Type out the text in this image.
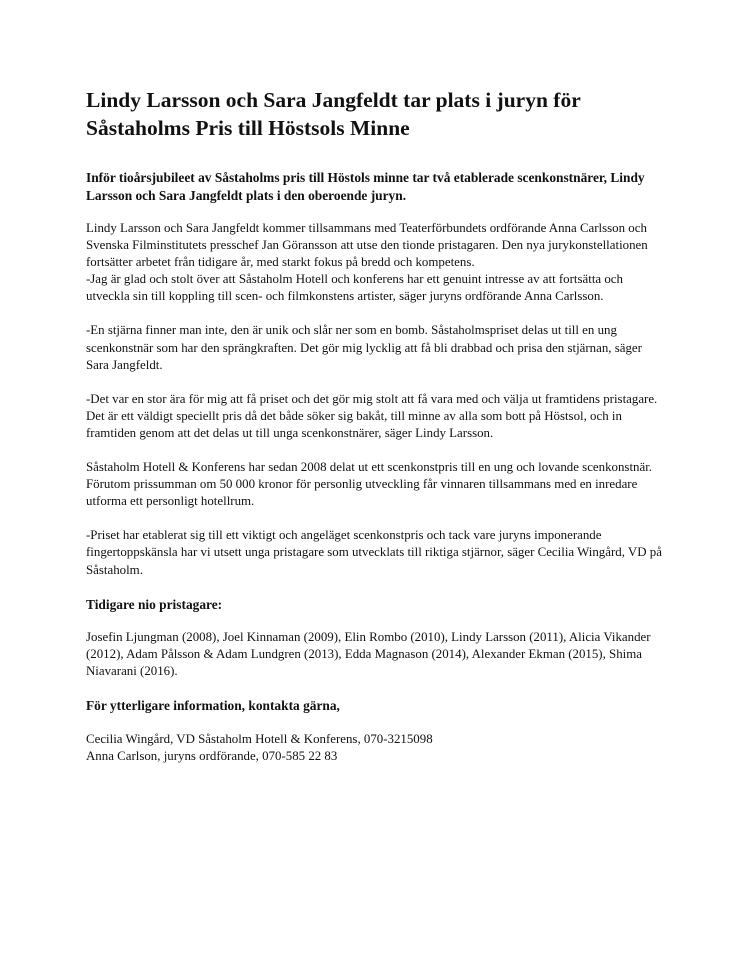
Lindy Larsson och Sara Jangfeldt tar plats i juryn för Såstaholms Pris till Höstsols Minne

Inför tioårsjubileet av Såstaholms pris till Höstols minne tar två etablerade scenkonstnärer, Lindy Larsson och Sara Jangfeldt plats i den oberoende juryn.

Lindy Larsson och Sara Jangfeldt kommer tillsammans med Teaterförbundets ordförande Anna Carlsson och Svenska Filminstitutets presschef Jan Göransson att utse den tionde pristagaren. Den nya jurykonstellationen fortsätter arbetet från tidigare år, med starkt fokus på bredd och kompetens.
-Jag är glad och stolt över att Såstaholm Hotell och konferens har ett genuint intresse av att fortsätta och utveckla sin till koppling till scen- och filmkonstens artister, säger juryns ordförande Anna Carlsson.

-En stjärna finner man inte, den är unik och slår ner som en bomb. Såstaholmspriset delas ut till en ung scenkonstnär som har den sprängkraften. Det gör mig lycklig att få bli drabbad och prisa den stjärnan, säger Sara Jangfeldt.

-Det var en stor ära för mig att få priset och det gör mig stolt att få vara med och välja ut framtidens pristagare. Det är ett väldigt speciellt pris då det både söker sig bakåt, till minne av alla som bott på Höstsol, och in framtiden genom att det delas ut till unga scenkonstnärer, säger Lindy Larsson.

Såstaholm Hotell & Konferens har sedan 2008 delat ut ett scenkonstpris till en ung och lovande scenkonstnär. Förutom prissumman om 50 000 kronor för personlig utveckling får vinnaren tillsammans med en inredare utforma ett personligt hotellrum.

-Priset har etablerat sig till ett viktigt och angeläget scenkonstpris och tack vare juryns imponerande fingertoppskänsla har vi utsett unga pristagare som utvecklats till riktiga stjärnor, säger Cecilia Wingård, VD på Såstaholm.

Tidigare nio pristagare:

Josefin Ljungman (2008), Joel Kinnaman (2009), Elin Rombo (2010), Lindy Larsson (2011), Alicia Vikander (2012), Adam Pålsson & Adam Lundgren (2013), Edda Magnason (2014), Alexander Ekman (2015), Shima Niavarani (2016).

För ytterligare information, kontakta gärna,

Cecilia Wingård, VD Såstaholm Hotell & Konferens, 070-3215098
Anna Carlson, juryns ordförande, 070-585 22 83
